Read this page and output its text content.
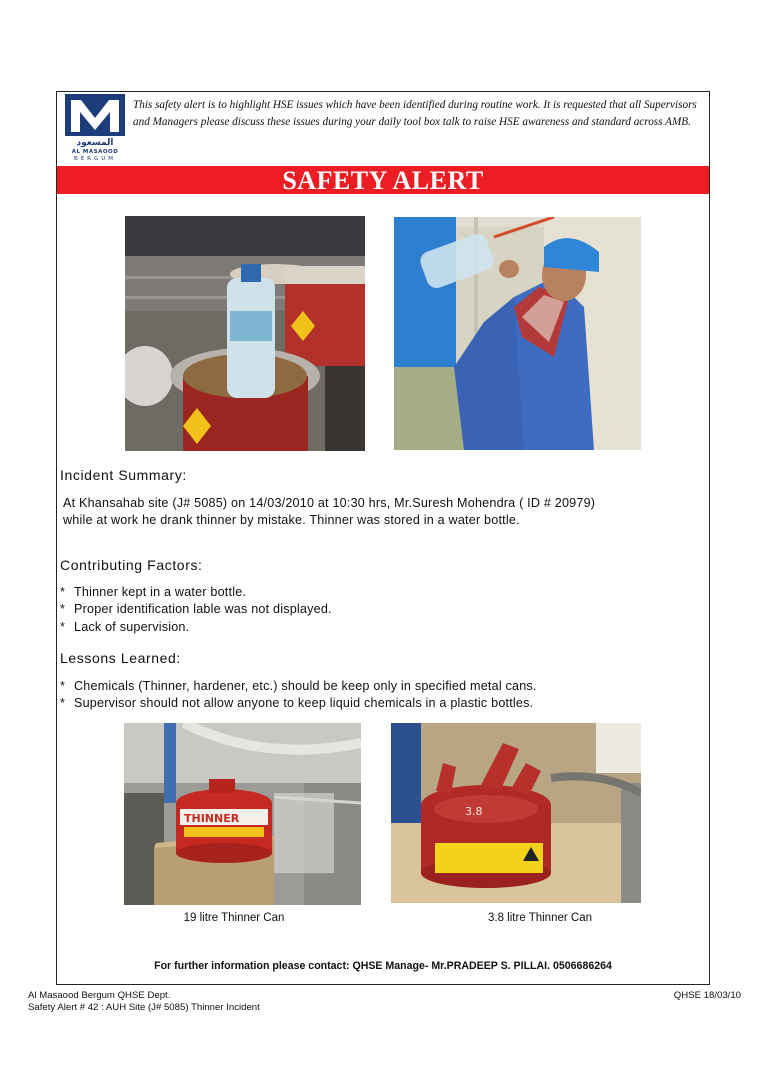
المسعود
AL MASAOOD
BERGUM
This safety alert is to highlight HSE issues which have been identified during routine work. It is requested that all Supervisors and Managers please discuss these issues during your daily tool box talk to raise HSE awareness and standard across AMB.
SAFETY ALERT
Incident Summary:
At Khansahab site (J# 5085) on 14/03/2010 at 10:30 hrs, Mr.Suresh Mohendra ( ID # 20979)
while at work he drank thinner by mistake. Thinner was stored in a water bottle.
Contributing Factors:
* Thinner kept in a water bottle.
* Proper identification lable was not displayed.
* Lack of supervision.
Lessons Learned:
* Chemicals (Thinner, hardener, etc.) should be keep only in specified metal cans.
* Supervisor should not allow anyone to keep liquid chemicals in a plastic bottles.
THINNER
3.8
19 litre Thinner Can	3.8 litre Thinner Can
For further information please contact: QHSE Manage- Mr.PRADEEP S. PILLAI. 0506686264
Al Masaood Bergum QHSE Dept.
Safety Alert # 42 : AUH Site (J# 5085) Thinner Incident
QHSE 18/03/10
